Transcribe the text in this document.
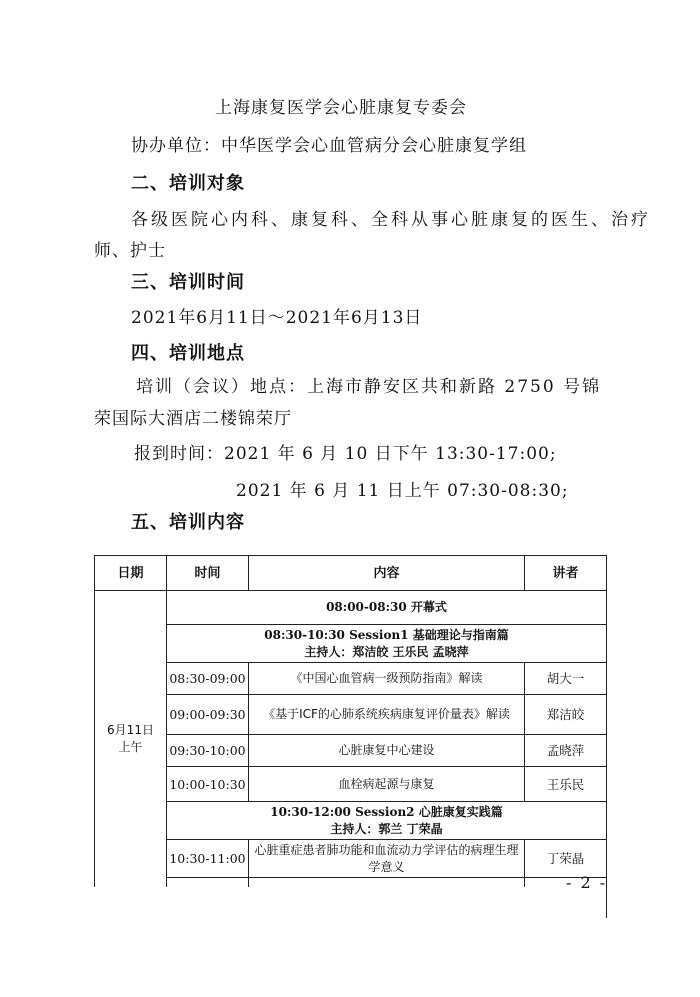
上海康复医学会心脏康复专委会
协办单位：中华医学会心血管病分会心脏康复学组
二、培训对象
各级医院心内科、康复科、全科从事心脏康复的医生、治疗
师、护士
三、培训时间
2021年6月11日～2021年6月13日
四、培训地点
培训（会议）地点：上海市静安区共和新路 2750 号锦
荣国际大酒店二楼锦荣厅
报到时间：2021 年 6 月 10 日下午 13:30-17:00;
2021 年 6 月 11 日上午 07:30-08:30;
五、培训内容
日期	时间	内容	讲者

6月11日
上午	08:00-08:30 开幕式		

	08:30-10:30 Session1 基础理论与指南篇
主持人：郑洁皎 王乐民 孟晓萍		

	08:30-09:00	《中国心血管病一级预防指南》解读	胡大一
	09:00-09:30	《基于ICF的心肺系统疾病康复评价量表》解读	郑洁皎
	09:30-10:00	心脏康复中心建设	孟晓萍
	10:00-10:30	血栓病起源与康复	王乐民

	10:30-12:00 Session2 心脏康复实践篇
主持人：郭兰 丁荣晶		

	10:30-11:00	心脏重症患者肺功能和血流动力学评估的病理生理学意义	丁荣晶

- 2 -
